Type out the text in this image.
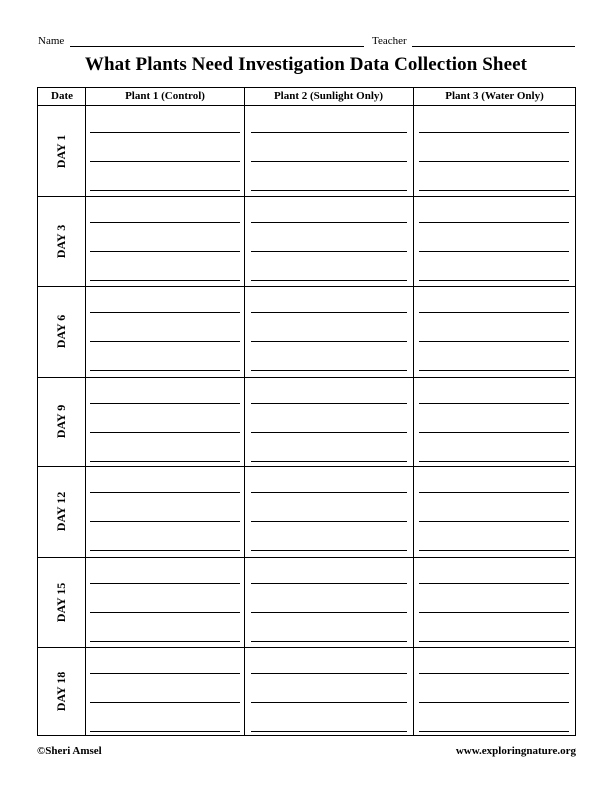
Name	Teacher
What Plants Need Investigation Data Collection Sheet
Date	Plant 1 (Control)	Plant 2 (Sunlight Only)	Plant 3 (Water Only)
DAY 1
DAY 3
DAY 6
DAY 9
DAY 12
DAY 15
DAY 18
©Sheri Amsel	www.exploringnature.org
